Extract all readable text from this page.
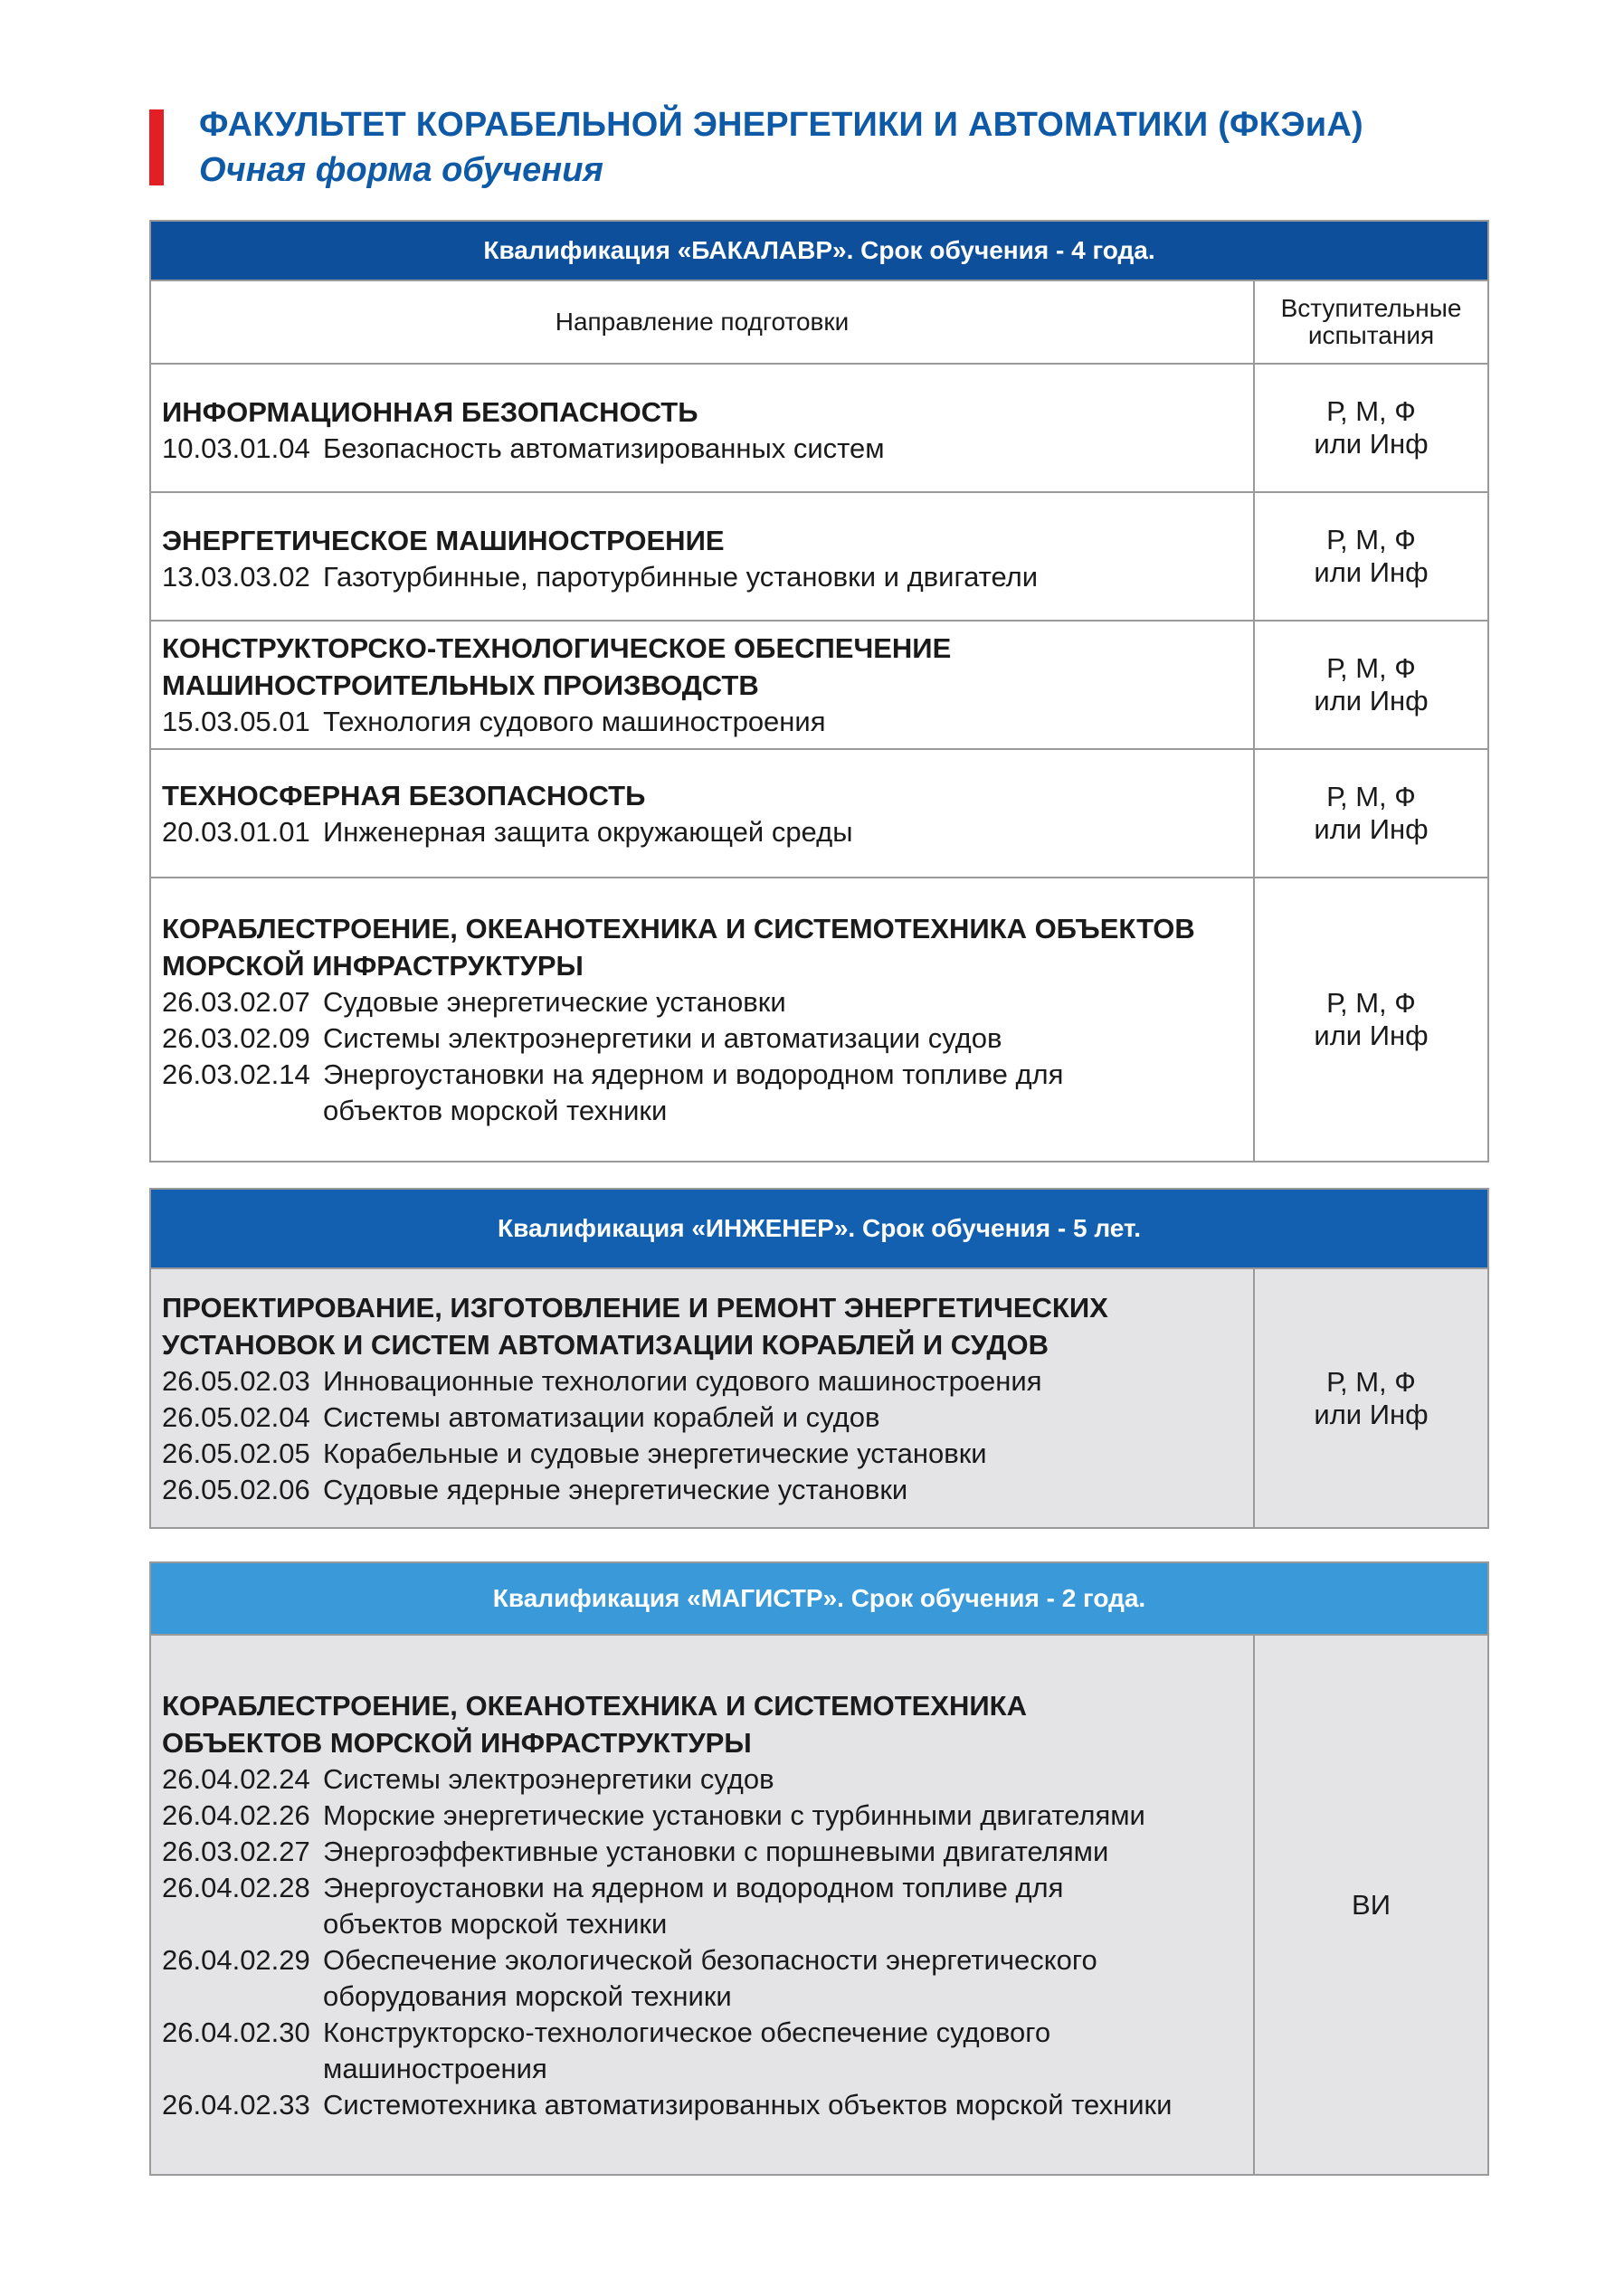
ФАКУЛЬТЕТ КОРАБЕЛЬНОЙ ЭНЕРГЕТИКИ И АВТОМАТИКИ (ФКЭиА)
Очная форма обучения
Квалификация «БАКАЛАВР». Срок обучения - 4 года.
Направление подготовки	Вступительные
испытания
ИНФОРМАЦИОННАЯ БЕЗОПАСНОСТЬ
10.03.01.04 Безопасность автоматизированных систем
Р, М, Ф
или Инф
ЭНЕРГЕТИЧЕСКОЕ МАШИНОСТРОЕНИЕ
13.03.03.02 Газотурбинные, паротурбинные установки и двигатели
Р, М, Ф
или Инф
КОНСТРУКТОРСКО-ТЕХНОЛОГИЧЕСКОЕ ОБЕСПЕЧЕНИЕ
МАШИНОСТРОИТЕЛЬНЫХ ПРОИЗВОДСТВ
15.03.05.01 Технология судового машиностроения
Р, М, Ф
или Инф
ТЕХНОСФЕРНАЯ БЕЗОПАСНОСТЬ
20.03.01.01 Инженерная защита окружающей среды
Р, М, Ф
или Инф
КОРАБЛЕСТРОЕНИЕ, ОКЕАНОТЕХНИКА И СИСТЕМОТЕХНИКА ОБЪЕКТОВ
МОРСКОЙ ИНФРАСТРУКТУРЫ
26.03.02.07 Судовые энергетические установки
26.03.02.09 Системы электроэнергетики и автоматизации судов
26.03.02.14 Энергоустановки на ядерном и водородном топливе для
объектов морской техники
Р, М, Ф
или Инф
Квалификация «ИНЖЕНЕР». Срок обучения - 5 лет.
ПРОЕКТИРОВАНИЕ, ИЗГОТОВЛЕНИЕ И РЕМОНТ ЭНЕРГЕТИЧЕСКИХ
УСТАНОВОК И СИСТЕМ АВТОМАТИЗАЦИИ КОРАБЛЕЙ И СУДОВ
26.05.02.03 Инновационные технологии судового машиностроения
26.05.02.04 Системы автоматизации кораблей и судов
26.05.02.05 Корабельные и судовые энергетические установки
26.05.02.06 Судовые ядерные энергетические установки
Р, М, Ф
или Инф
Квалификация «МАГИСТР». Срок обучения - 2 года.
КОРАБЛЕСТРОЕНИЕ, ОКЕАНОТЕХНИКА И СИСТЕМОТЕХНИКА
ОБЪЕКТОВ МОРСКОЙ ИНФРАСТРУКТУРЫ
26.04.02.24 Системы электроэнергетики судов
26.04.02.26 Морские энергетические установки с турбинными двигателями
26.03.02.27 Энергоэффективные установки с поршневыми двигателями
26.04.02.28 Энергоустановки на ядерном и водородном топливе для
объектов морской техники
26.04.02.29 Обеспечение экологической безопасности энергетического
оборудования морской техники
26.04.02.30 Конструкторско-технологическое обеспечение судового
машиностроения
26.04.02.33 Системотехника автоматизированных объектов морской техники
ВИ
